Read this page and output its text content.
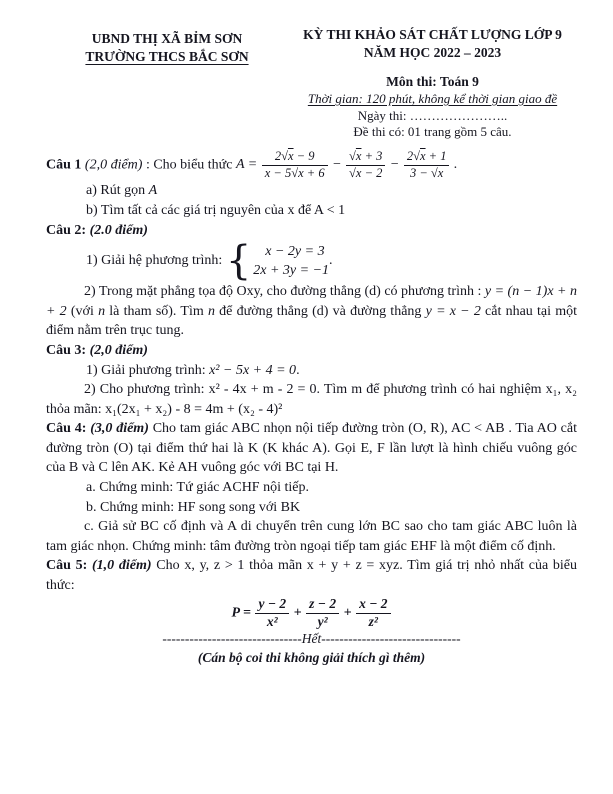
UBND THỊ XÃ BỈM SƠN
TRƯỜNG THCS BẮC SƠN
KỲ THI KHẢO SÁT CHẤT LƯỢNG LỚP 9
NĂM HỌC 2022 – 2023
Môn thi: Toán 9
Thời gian: 120 phút, không kể thời gian giao đề
Ngày thi: …………………..
Đề thi có: 01 trang gồm 5 câu.

Câu 1 (2,0 điểm) : Cho biểu thức $A = \frac{2√x - 9}{x - 5√x + 6} - \frac{√x + 3}{√x - 2} - \frac{2√x + 1}{3 - √x}$ .

a) Rút gọn A

b) Tìm tất cả các giá trị nguyên của x để A < 1

Câu 2: (2.0 điểm)

1) Giải hệ phương trình: {	x − 2y = 3
2x + 3y = −1
.

2) Trong mặt phẳng tọa độ Oxy, cho đường thẳng (d) có phương trình : y = (n − 1)x + n + 2 (với n là tham số). Tìm n để đường thẳng (d) và đường thẳng y = x − 2 cắt nhau tại một điểm nằm trên trục tung.

Câu 3: (2,0 điểm)

1) Giải phương trình: x² − 5x + 4 = 0.

2) Cho phương trình: x² - 4x + m - 2 = 0. Tìm m để phương trình có hai nghiệm x₁, x₂ thỏa mãn: x₁(2x₁ + x₂) - 8 = 4m + (x₂ - 4)²

Câu 4: (3,0 điểm) Cho tam giác ABC nhọn nội tiếp đường tròn (O, R), AC < AB . Tia AO cắt đường tròn (O) tại điểm thứ hai là K (K khác A). Gọi E, F lần lượt là hình chiếu vuông góc của B và C lên AK. Kẻ AH vuông góc với BC tại H.

a. Chứng minh: Tứ giác ACHF nội tiếp.

b. Chứng minh: HF song song với BK

c. Giả sử BC cố định và A di chuyển trên cung lớn BC sao cho tam giác ABC luôn là tam giác nhọn. Chứng minh: tâm đường tròn ngoại tiếp tam giác EHF là một điểm cố định.

Câu 5: (1,0 điểm) Cho x, y, z > 1 thỏa mãn x + y + z = xyz. Tìm giá trị nhỏ nhất của biểu thức:

$P = \frac{y - 2}{\text{x²}} + \frac{z - 2}{\text{y²}} + \frac{x - 2}{\text{z²}}$

-------------------------------Hết-------------------------------

(Cán bộ coi thi không giải thích gì thêm)
